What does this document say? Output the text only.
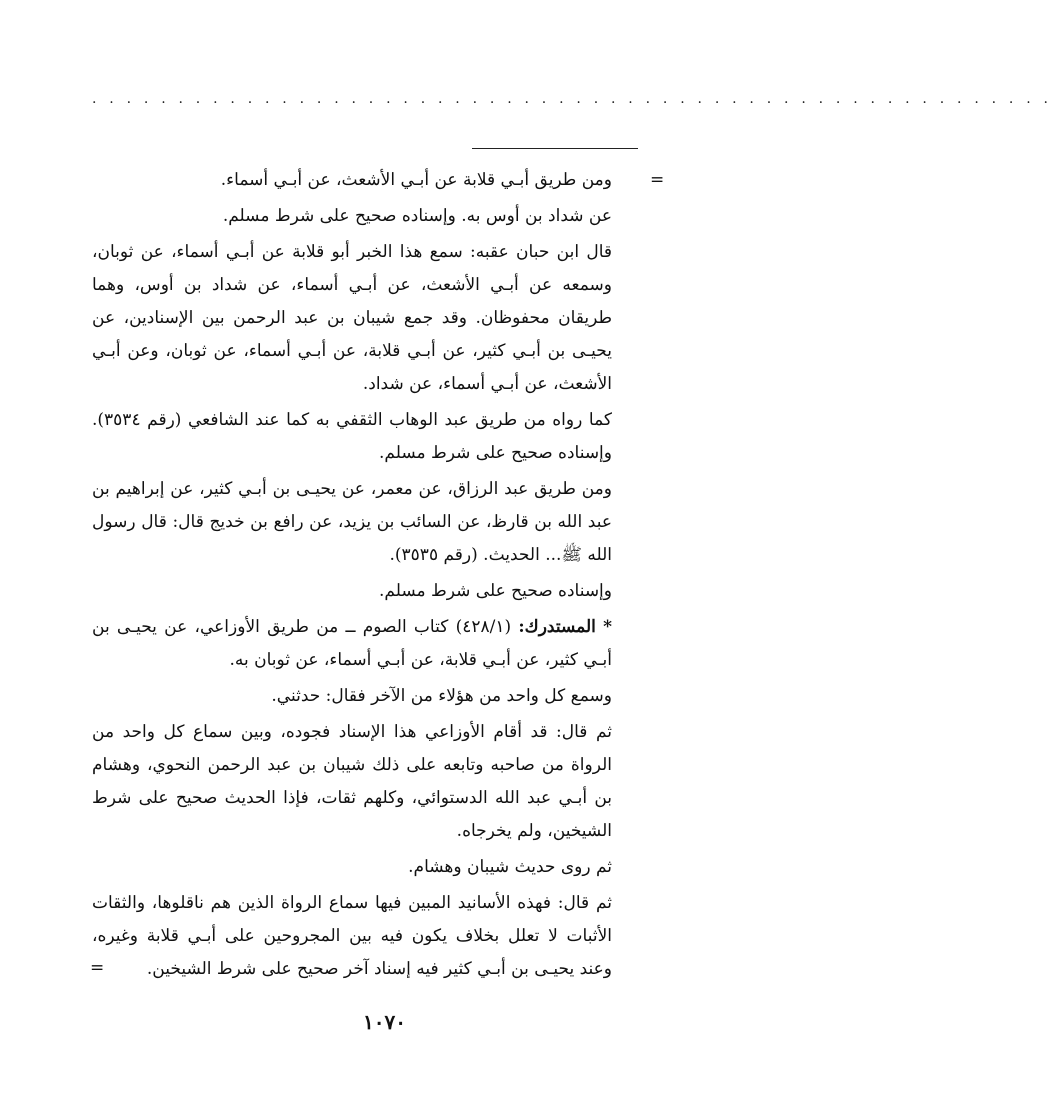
. . . . . . . . . . . . . . . . . . . . . . . . . . . . . . . . . . . . . . . . . . . . . . . . . . . . . . . .
=

ومن طريق أبـي قلابة عن أبـي الأشعث، عن أبـي أسماء.

عن شداد بن أوس به. وإسناده صحيح على شرط مسلم.

قال ابن حبان عقبه: سمع هذا الخبر أبو قلابة عن أبـي أسماء، عن ثوبان، وسمعه عن أبـي الأشعث، عن أبـي أسماء، عن شداد بن أوس، وهما طريقان محفوظان. وقد جمع شيبان بن عبد الرحمن بين الإسنادين، عن يحيـى بن أبـي كثير، عن أبـي قلابة، عن أبـي أسماء، عن ثوبان، وعن أبـي الأشعث، عن أبـي أسماء، عن شداد.

كما رواه من طريق عبد الوهاب الثقفي به كما عند الشافعي (رقم ٣٥٣٤). وإسناده صحيح على شرط مسلم.

ومن طريق عبد الرزاق، عن معمر، عن يحيـى بن أبـي كثير، عن إبراهيم بن عبد الله بن قارظ، عن السائب بن يزيد، عن رافع بن خديج قال: قال رسول الله ﷺ... الحديث. (رقم ٣٥٣٥).

وإسناده صحيح على شرط مسلم.

* المستدرك: (٤٢٨/١) كتاب الصوم ــ من طريق الأوزاعي، عن يحيـى بن أبـي كثير، عن أبـي قلابة، عن أبـي أسماء، عن ثوبان به.

وسمع كل واحد من هؤلاء من الآخر فقال: حدثني.

ثم قال: قد أقام الأوزاعي هذا الإسناد فجوده، وبين سماع كل واحد من الرواة من صاحبه وتابعه على ذلك شيبان بن عبد الرحمن النحوي، وهشام بن أبـي عبد الله الدستوائي، وكلهم ثقات، فإذا الحديث صحيح على شرط الشيخين، ولم يخرجاه.

ثم روى حديث شيبان وهشام.

ثم قال: فهذه الأسانيد المبين فيها سماع الرواة الذين هم ناقلوها، والثقات الأثبات لا تعلل بخلاف يكون فيه بين المجروحين على أبـي قلابة وغيره، وعند يحيـى بن أبـي كثير فيه إسناد آخر صحيح على شرط الشيخين.

=
١٠٧٠
